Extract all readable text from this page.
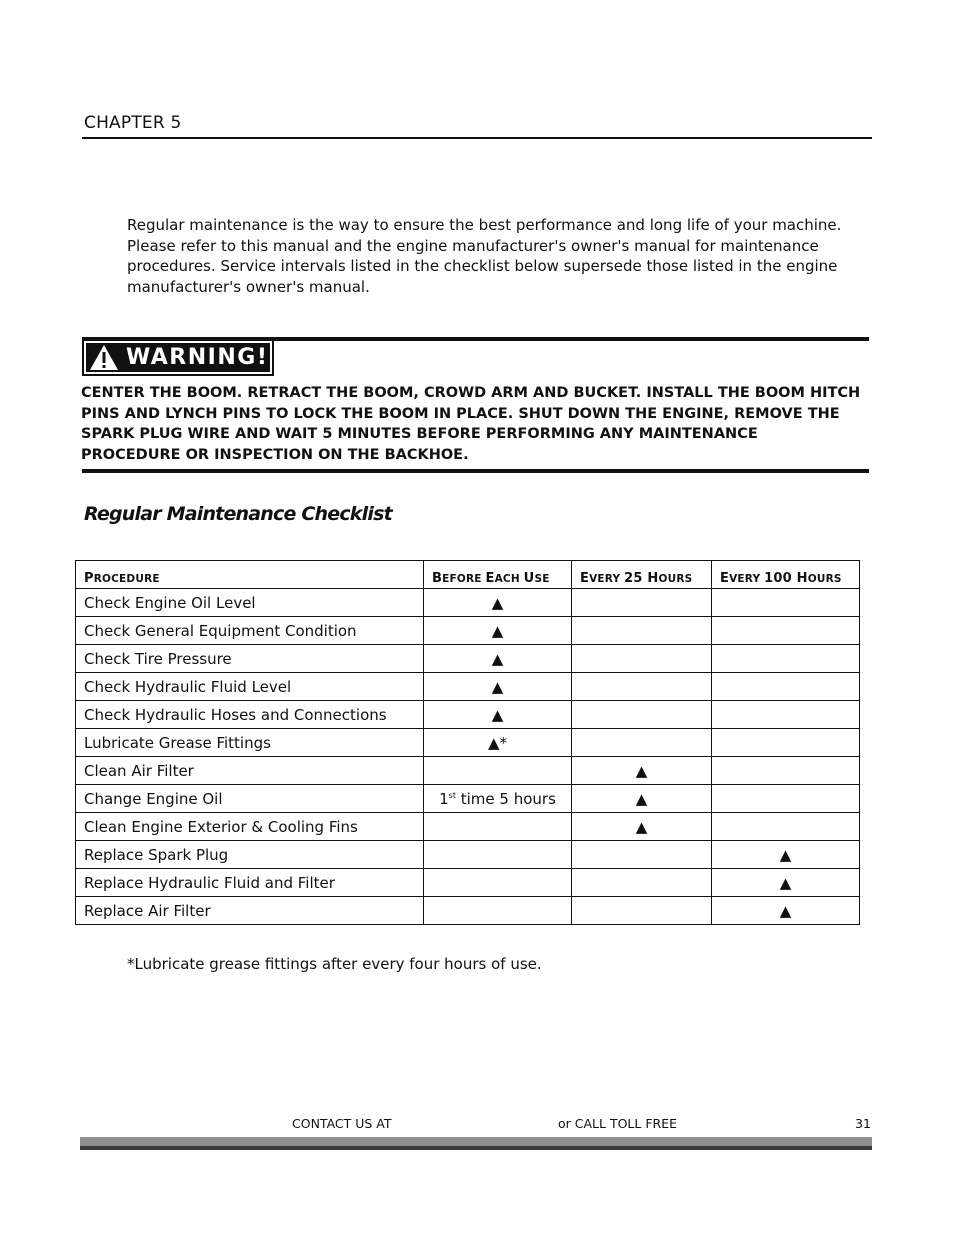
CHAPTER 5
Regular maintenance is the way to ensure the best performance and long life of your machine. Please refer to this manual and the engine manufacturer's owner's manual for maintenance procedures. Service intervals listed in the checklist below supersede those listed in the engine manufacturer's owner's manual.
WARNING!
CENTER THE BOOM. RETRACT THE BOOM, CROWD ARM AND BUCKET. INSTALL THE BOOM HITCH PINS AND LYNCH PINS TO LOCK THE BOOM IN PLACE. SHUT DOWN THE ENGINE, REMOVE THE SPARK PLUG WIRE AND WAIT 5 MINUTES BEFORE PERFORMING ANY MAINTENANCE PROCEDURE OR INSPECTION ON THE BACKHOE.
Regular Maintenance Checklist
PROCEDURE	BEFORE EACH USE	EVERY 25 HOURS	EVERY 100 HOURS
Check Engine Oil Level	▲		
Check General Equipment Condition	▲		
Check Tire Pressure	▲		
Check Hydraulic Fluid Level	▲		
Check Hydraulic Hoses and Connections	▲		
Lubricate Grease Fittings	▲*		
Clean Air Filter		▲	
Change Engine Oil	1st time 5 hours	▲	
Clean Engine Exterior & Cooling Fins		▲	
Replace Spark Plug			▲
Replace Hydraulic Fluid and Filter			▲
Replace Air Filter			▲
*Lubricate grease fittings after every four hours of use.
CONTACT US AT	or CALL TOLL FREE	31
